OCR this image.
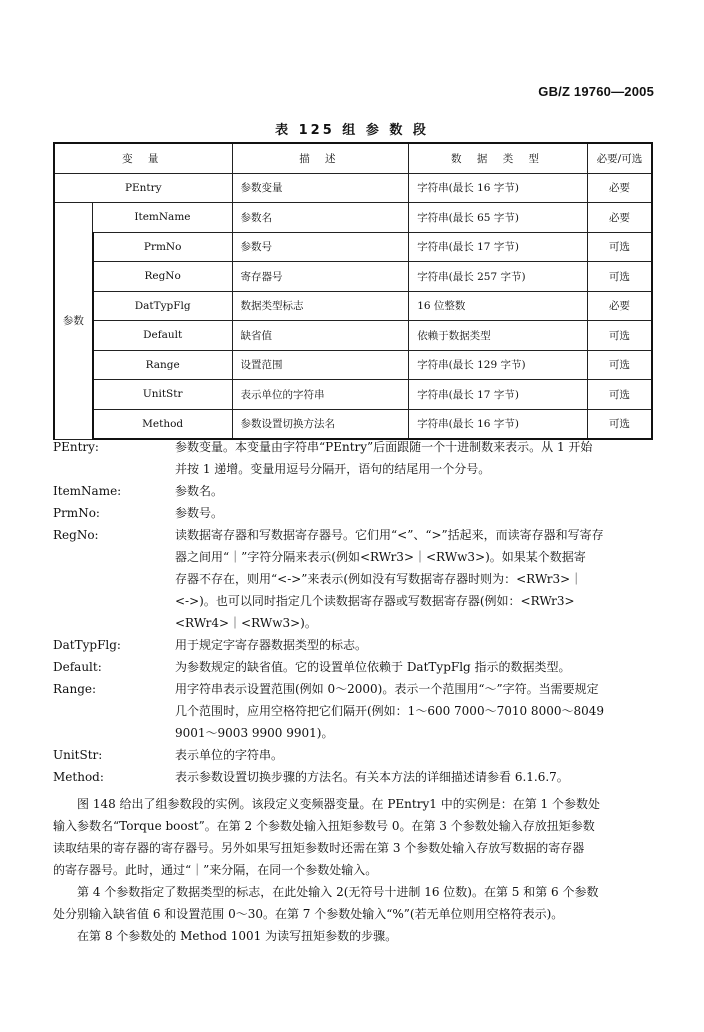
GB/Z 19760—2005
表 125 组 参 数 段
变 量		描 述	数 据 类 型	必要/可选
PEntry		参数变量	字符串(最长 16 字节)	必要
参数	ItemName	参数名	字符串(最长 65 字节)	必要
	PrmNo	参数号	字符串(最长 17 字节)	可选
	RegNo	寄存器号	字符串(最长 257 字节)	可选
	DatTypFlg	数据类型标志	16 位整数	必要
	Default	缺省值	依赖于数据类型	可选
	Range	设置范围	字符串(最长 129 字节)	可选
	UnitStr	表示单位的字符串	字符串(最长 17 字节)	可选
	Method	参数设置切换方法名	字符串(最长 16 字节)	可选
PEntry:	参数变量。本变量由字符串“PEntry”后面跟随一个十进制数来表示。从 1 开始
并按 1 递增。变量用逗号分隔开，语句的结尾用一个分号。
ItemName:	参数名。
PrmNo:	参数号。
RegNo:	读数据寄存器和写数据寄存器号。它们用“<”、“>”括起来，而读寄存器和写寄存
器之间用“｜”字符分隔来表示(例如<RWr3>｜<RWw3>)。如果某个数据寄
存器不存在，则用“<->”来表示(例如没有写数据寄存器时则为：<RWr3>｜
<->)。也可以同时指定几个读数据寄存器或写数据寄存器(例如：<RWr3>
<RWr4>｜<RWw3>)。
DatTypFlg:	用于规定字寄存器数据类型的标志。
Default:	为参数规定的缺省值。它的设置单位依赖于 DatTypFlg 指示的数据类型。
Range:	用字符串表示设置范围(例如 0～2000)。表示一个范围用“～”字符。当需要规定
几个范围时，应用空格符把它们隔开(例如：1～600 7000～7010 8000～8049
9001～9003 9900 9901)。
UnitStr:	表示单位的字符串。
Method:	表示参数设置切换步骤的方法名。有关本方法的详细描述请参看 6.1.6.7。
图 148 给出了组参数段的实例。该段定义变频器变量。在 PEntry1 中的实例是：在第 1 个参数处
输入参数名“Torque boost”。在第 2 个参数处输入扭矩参数号 0。在第 3 个参数处输入存放扭矩参数
读取结果的寄存器的寄存器号。另外如果写扭矩参数时还需在第 3 个参数处输入存放写数据的寄存器
的寄存器号。此时，通过“｜”来分隔，在同一个参数处输入。
第 4 个参数指定了数据类型的标志，在此处输入 2(无符号十进制 16 位数)。在第 5 和第 6 个参数
处分别输入缺省值 6 和设置范围 0～30。在第 7 个参数处输入“%”(若无单位则用空格符表示)。
在第 8 个参数处的 Method 1001 为读写扭矩参数的步骤。
